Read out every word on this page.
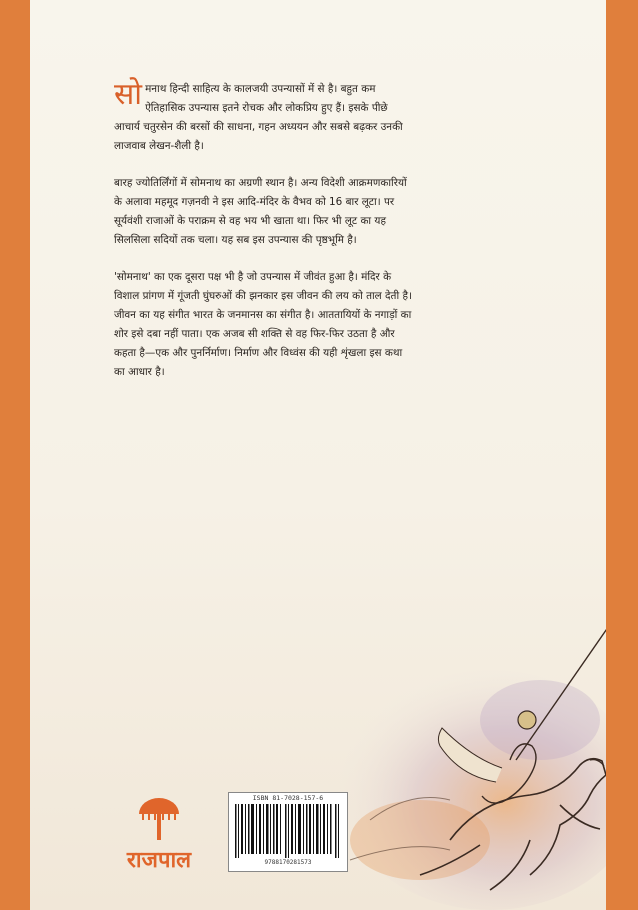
सोमनाथ हिन्दी साहित्य के कालजयी उपन्यासों में से है। बहुत कम ऐतिहासिक उपन्यास इतने रोचक और लोकप्रिय हुए हैं। इसके पीछे आचार्य चतुरसेन की बरसों की साधना, गहन अध्ययन और सबसे बढ़कर उनकी लाजवाब लेखन-शैली है।

बारह ज्योतिर्लिंगों में सोमनाथ का अग्रणी स्थान है। अन्य विदेशी आक्रमणकारियों के अलावा महमूद गज़नवी ने इस आदि-मंदिर के वैभव को 16 बार लूटा। पर सूर्यवंशी राजाओं के पराक्रम से वह भय भी खाता था। फिर भी लूट का यह सिलसिला सदियों तक चला। यह सब इस उपन्यास की पृष्ठभूमि है।

'सोमनाथ' का एक दूसरा पक्ष भी है जो उपन्यास में जीवंत हुआ है। मंदिर के विशाल प्रांगण में गूंजती घुंघरुओं की झनकार इस जीवन की लय को ताल देती है। जीवन का यह संगीत भारत के जनमानस का संगीत है। आततायियों के नगाड़ों का शोर इसे दबा नहीं पाता। एक अजब सी शक्ति से वह फिर-फिर उठता है और कहता है—एक और पुनर्निर्माण। निर्माण और विध्वंस की यही शृंखला इस कथा का आधार है।

राजपाल
ISBN 81-7028-157-6
9788170281573
